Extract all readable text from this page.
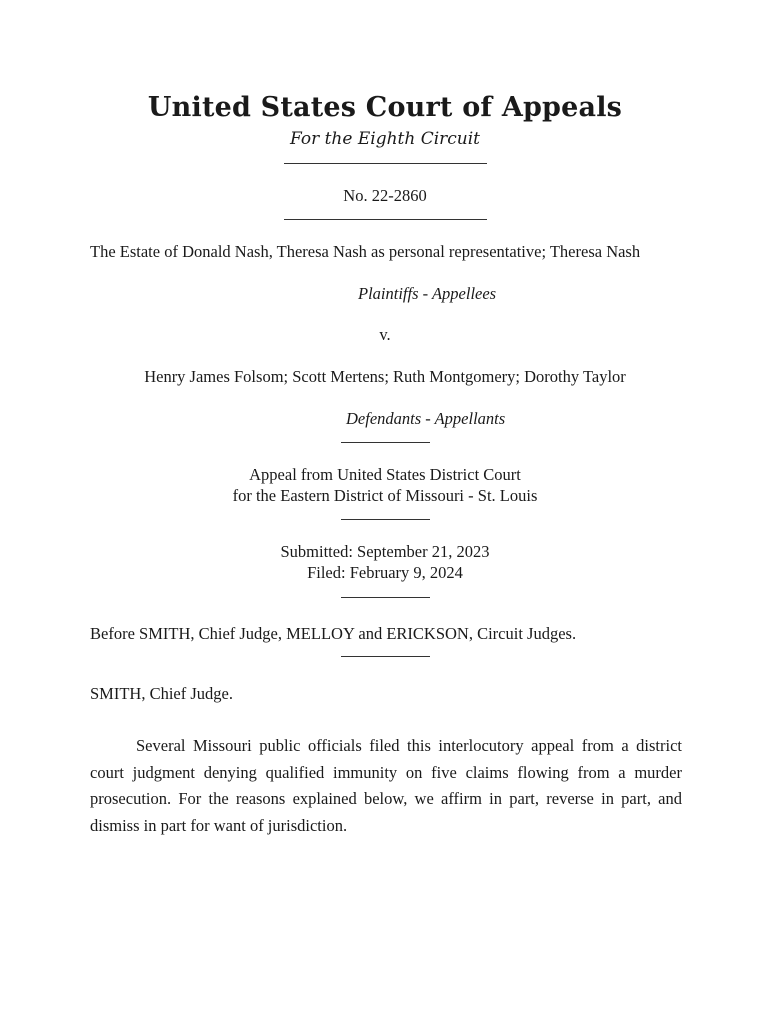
United States Court of Appeals
For the Eighth Circuit
No. 22-2860
The Estate of Donald Nash, Theresa Nash as personal representative; Theresa Nash
Plaintiffs - Appellees
v.
Henry James Folsom; Scott Mertens; Ruth Montgomery; Dorothy Taylor
Defendants - Appellants
Appeal from United States District Court
for the Eastern District of Missouri - St. Louis
Submitted: September 21, 2023
Filed: February 9, 2024
Before SMITH, Chief Judge, MELLOY and ERICKSON, Circuit Judges.
SMITH, Chief Judge.
Several Missouri public officials filed this interlocutory appeal from a district court judgment denying qualified immunity on five claims flowing from a murder prosecution. For the reasons explained below, we affirm in part, reverse in part, and dismiss in part for want of jurisdiction.
